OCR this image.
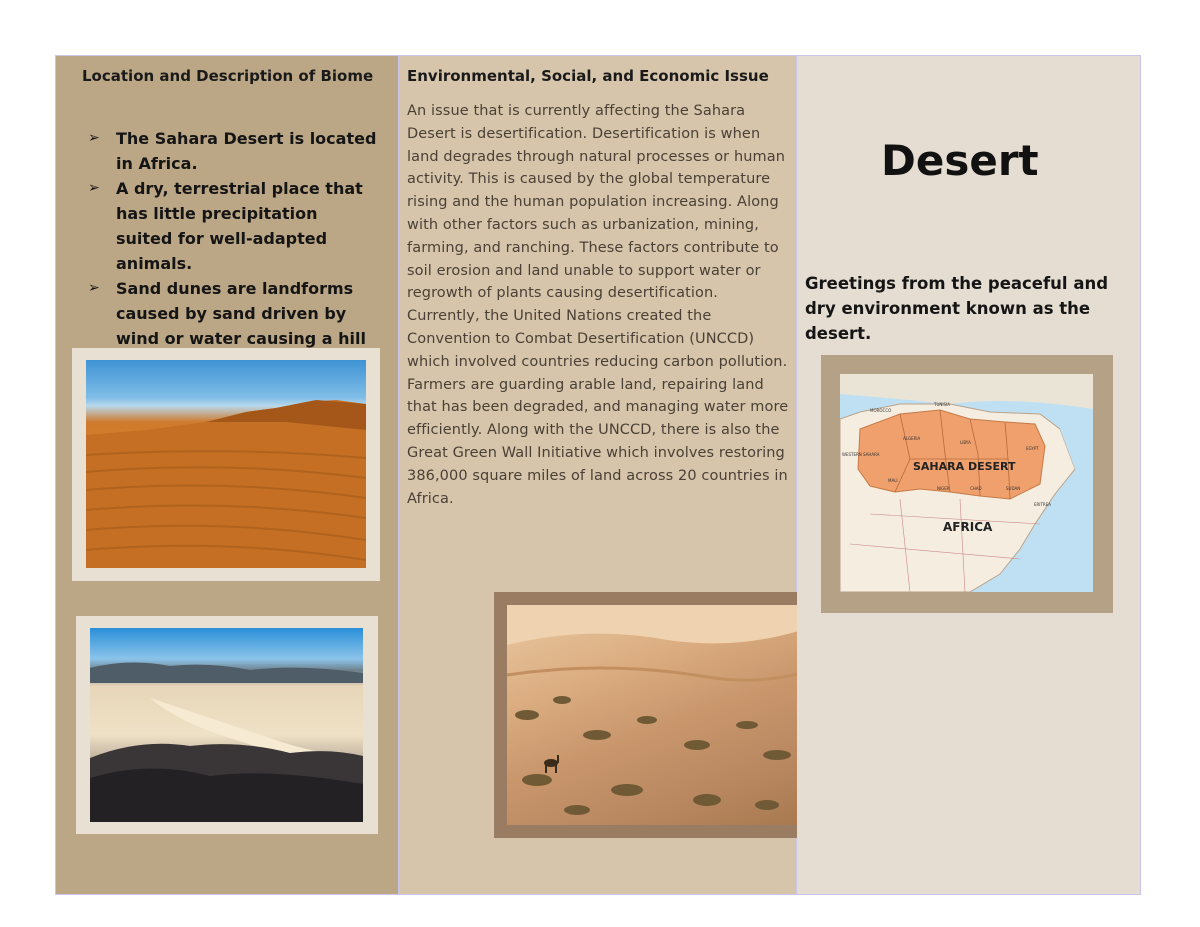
Location and Description of Biome
➢ The Sahara Desert is located in Africa.
➢ A dry, terrestrial place that has little precipitation suited for well-adapted animals.
➢ Sand dunes are landforms caused by sand driven by wind or water causing a hill
Environmental, Social, and Economic Issue
An issue that is currently affecting the Sahara Desert is desertification. Desertification is when land degrades through natural processes or human activity. This is caused by the global temperature rising and the human population increasing. Along with other factors such as urbanization, mining, farming, and ranching. These factors contribute to soil erosion and land unable to support water or regrowth of plants causing desertification. Currently, the United Nations created the Convention to Combat Desertification (UNCCD) which involved countries reducing carbon pollution. Farmers are guarding arable land, repairing land that has been degraded, and managing water more efficiently. Along with the UNCCD, there is also the Great Green Wall Initiative which involves restoring 386,000 square miles of land across 20 countries in Africa.
Desert
Greetings from the peaceful and dry environment known as the desert.
SAHARA DESERT
AFRICA
MOROCCO
TUNISIA
ALGERIA
LIBYA
EGYPT
WESTERN SAHARA
MALI
NIGER	CHAD	SUDAN
ERITREA
